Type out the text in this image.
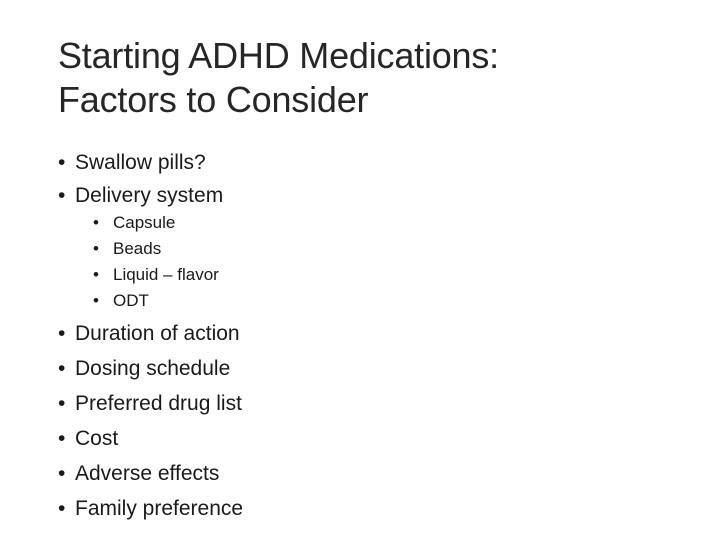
Starting ADHD Medications:
Factors to Consider
• Swallow pills?
• Delivery system
• Capsule
• Beads
• Liquid – flavor
• ODT
• Duration of action
• Dosing schedule
• Preferred drug list
• Cost
• Adverse effects
• Family preference
